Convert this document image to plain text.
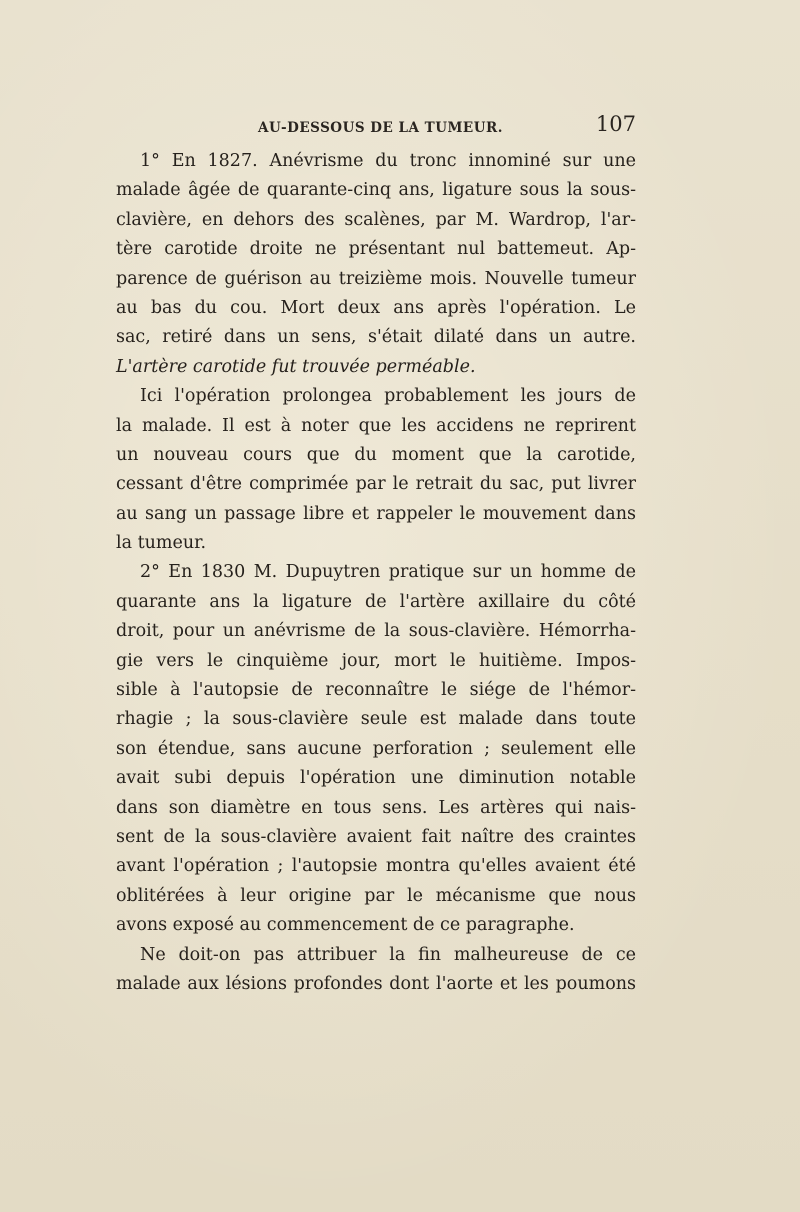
AU-DESSOUS DE LA TUMEUR.	107
1° En 1827. Anévrisme du tronc innominé sur une
malade âgée de quarante-cinq ans, ligature sous la sous-
clavière, en dehors des scalènes, par M. Wardrop, l'ar-
tère carotide droite ne présentant nul battemeut. Ap-
parence de guérison au treizième mois. Nouvelle tumeur
au bas du cou. Mort deux ans après l'opération. Le
sac, retiré dans un sens, s'était dilaté dans un autre.
L'artère carotide fut trouvée perméable.
Ici l'opération prolongea probablement les jours de
la malade. Il est à noter que les accidens ne reprirent
un nouveau cours que du moment que la carotide,
cessant d'être comprimée par le retrait du sac, put livrer
au sang un passage libre et rappeler le mouvement dans
la tumeur.
2° En 1830 M. Dupuytren pratique sur un homme de
quarante ans la ligature de l'artère axillaire du côté
droit, pour un anévrisme de la sous-clavière. Hémorrha-
gie vers le cinquième jour, mort le huitième. Impos-
sible à l'autopsie de reconnaître le siége de l'hémor-
rhagie ; la sous-clavière seule est malade dans toute
son étendue, sans aucune perforation ; seulement elle
avait subi depuis l'opération une diminution notable
dans son diamètre en tous sens. Les artères qui nais-
sent de la sous-clavière avaient fait naître des craintes
avant l'opération ; l'autopsie montra qu'elles avaient été
oblitérées à leur origine par le mécanisme que nous
avons exposé au commencement de ce paragraphe.
Ne doit-on pas attribuer la fin malheureuse de ce
malade aux lésions profondes dont l'aorte et les poumons
